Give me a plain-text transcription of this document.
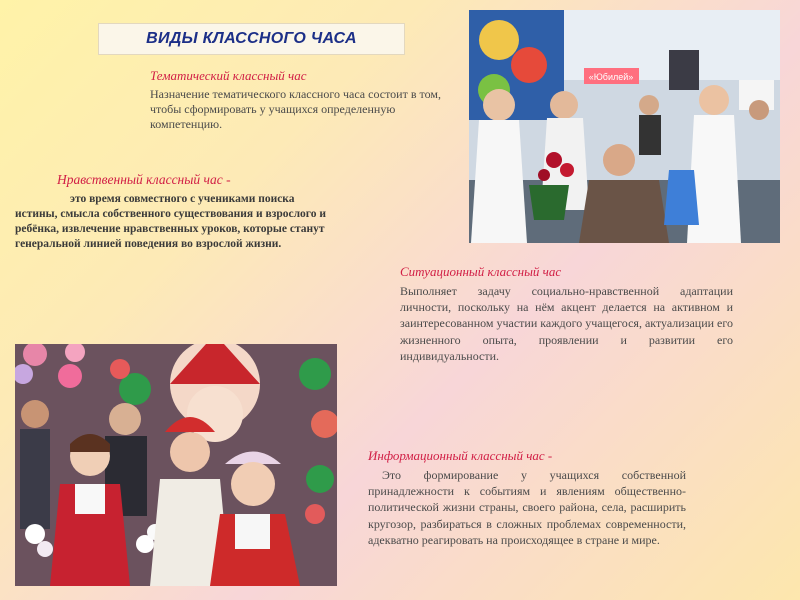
ВИДЫ КЛАССНОГО ЧАСА
Тематический классный час
Назначение тематического классного часа состоит в том, чтобы сформировать у учащихся определенную компетенцию.
Нравственный классный час -
это время совместного с учениками поиска истины, смысла собственного существования и взрослого и ребёнка, извлечение нравственных уроков, которые станут генеральной линией поведения во взрослой жизни.
Ситуационный классный час
Выполняет задачу социально-нравственной адаптации личности, поскольку на нём акцент делается на активном и заинтересованном участии каждого учащегося, актуализации его жизненного опыта, проявлении и развитии его индивидуальности.
Информационный классный час -
Это формирование у учащихся собственной принадлежности к событиям и явлениям общественно-политической жизни страны, своего района, села, расширить кругозор, разбираться в сложных проблемах современности, адекватно реагировать на происходящее в стране и мире.
«Юбилей»
